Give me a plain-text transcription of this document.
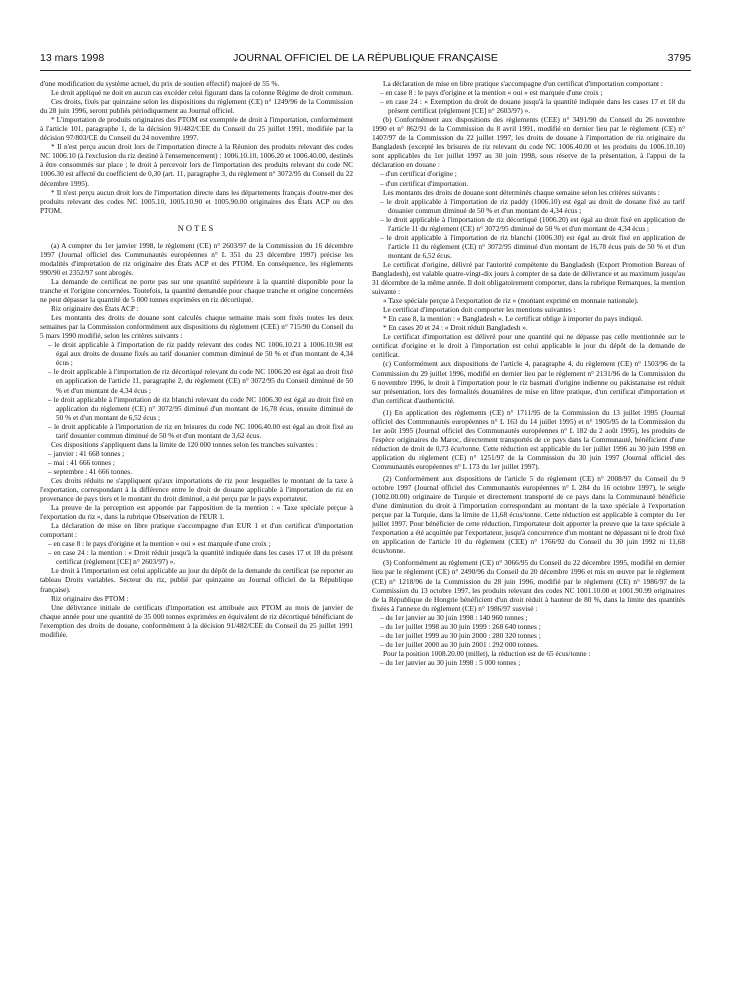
13 mars 1998	JOURNAL OFFICIEL DE LA RÉPUBLIQUE FRANÇAISE	3795

d'une modification du système actuel, du prix de soutien effectif) majoré de 55 %.

Le droit appliqué ne doit en aucun cas excéder celui figurant dans la colonne Régime de droit commun.

Ces droits, fixés par quinzaine selon les dispositions du règlement (CE) n° 1249/96 de la Commission du 28 juin 1996, seront publiés périodiquement au Journal officiel.

* L'importation de produits originaires des PTOM est exemptée de droit à l'importation, conformément à l'article 101, paragraphe 1, de la décision 91/482/CEE du Conseil du 25 juillet 1991, modifiée par la décision 97/803/CE du Conseil du 24 novembre 1997.

* Il n'est perçu aucun droit lors de l'importation directe à la Réunion des produits relevant des codes NC 1006.10 (à l'exclusion du riz destiné à l'ensemencement) : 1006.10.10, 1006.20 et 1006.40.00, destinés à être consommés sur place ; le droit à percevoir lors de l'importation des produits relevant du code NC 1006.30 est affecté du coefficient de 0,30 (art. 11, paragraphe 3, du règlement n° 3072/95 du Conseil du 22 décembre 1995).

* Il n'est perçu aucun droit lors de l'importation directe dans les départements français d'outre-mer des produits relevant des codes NC 1005.10, 1005.10.90 et 1005.90.00 originaires des États ACP ou des PTOM.

NOTES

(a) A compter du 1er janvier 1998, le règlement (CE) n° 2603/97 de la Commission du 16 décembre 1997 (Journal officiel des Communautés européennes n° L 351 du 23 décembre 1997) précise les modalités d'importation de riz originaire des États ACP et des PTOM. En conséquence, les règlements 990/90 et 2352/97 sont abrogés.

La demande de certificat ne porte pas sur une quantité supérieure à la quantité disponible pour la tranche et l'origine concernées. Toutefois, la quantité demandée pour chaque tranche et origine concernées ne peut dépasser la quantité de 5 000 tonnes exprimées en riz décortiqué.

Riz originaire des États ACP :

Les montants des droits de douane sont calculés chaque semaine mais sont fixés toutes les deux semaines par la Commission conformément aux dispositions du règlement (CEE) n° 715/90 du Conseil du 5 mars 1990 modifié, selon les critères suivants :

– le droit applicable à l'importation de riz paddy relevant des codes NC 1006.10.21 à 1006.10.98 est égal aux droits de douane fixés au tarif douanier commun diminué de 50 % et d'un montant de 4,34 écus ;

– le droit applicable à l'importation de riz décortiqué relevant du code NC 1006.20 est égal au droit fixé en application de l'article 11, paragraphe 2, du règlement (CE) n° 3072/95 du Conseil diminué de 50 % et d'un montant de 4,34 écus ;

– le droit applicable à l'importation de riz blanchi relevant du code NC 1006.30 est égal au droit fixé en application du règlement (CE) n° 3072/95 diminué d'un montant de 16,78 écus, ensuite diminué de 50 % et d'un montant de 6,52 écus ;

– le droit applicable à l'importation de riz en brisures du code NC 1006.40.00 est égal au droit fixé au tarif douanier commun diminué de 50 % et d'un montant de 3,62 écus.

Ces dispositions s'appliquent dans la limite de 120 000 tonnes selon les tranches suivantes :

– janvier : 41 668 tonnes ;

– mai : 41 666 tonnes ;

– septembre : 41 666 tonnes.

Ces droits réduits ne s'appliquent qu'aux importations de riz pour lesquelles le montant de la taxe à l'exportation, correspondant à la différence entre le droit de douane applicable à l'importation de riz en provenance de pays tiers et le montant du droit diminué, a été perçu par le pays exportateur.

La preuve de la perception est apportée par l'apposition de la mention : « Taxe spéciale perçue à l'exportation du riz », dans la rubrique Observation de l'EUR 1.

La déclaration de mise en libre pratique s'accompagne d'un EUR 1 et d'un certificat d'importation comportant :

– en case 8 : le pays d'origine et la mention « oui » est marquée d'une croix ;

– en case 24 : la mention : « Droit réduit jusqu'à la quantité indiquée dans les cases 17 et 18 du présent certificat (règlement [CE] n° 2603/97) ».

Le droit à l'importation est celui applicable au jour du dépôt de la demande du certificat (se reporter au tableau Droits variables. Secteur du riz, publié par quinzaine au Journal officiel de la République française).

Riz originaire des PTOM :

Une délivrance initiale de certificats d'importation est attribuée aux PTOM au mois de janvier de chaque année pour une quantité de 35 000 tonnes exprimées en équivalent de riz décortiqué bénéficiant de l'exemption des droits de douane, conformément à la décision 91/482/CEE du Conseil du 25 juillet 1991 modifiée.

La déclaration de mise en libre pratique s'accompagne d'un certificat d'importation comportant :

– en case 8 : le pays d'origine et la mention « oui » est marquée d'une croix ;

– en case 24 : « Exemption du droit de douane jusqu'à la quantité indiquée dans les cases 17 et 18 du présent certificat (règlement [CE] n° 2603/97) ».

(b) Conformément aux dispositions des règlements (CEE) n° 3491/90 du Conseil du 26 novembre 1990 et n° 862/91 de la Commission du 8 avril 1991, modifié en dernier lieu par le règlement (CE) n° 1407/97 de la Commission du 22 juillet 1997, les droits de douane à l'importation de riz originaire du Bangladesh (excepté les brisures de riz relevant du code NC 1006.40.00 et les produits du 1006.10.10) sont applicables du 1er juillet 1997 au 30 juin 1998, sous réserve de la présentation, à l'appui de la déclaration en douane :

– d'un certificat d'origine ;

– d'un certificat d'importation.

Les montants des droits de douane sont déterminés chaque semaine selon les critères suivants :

– le droit applicable à l'importation de riz paddy (1006.10) est égal au droit de douane fixé au tarif douanier commun diminué de 50 % et d'un montant de 4,34 écus ;

– le droit applicable à l'importation de riz décortiqué (1006.20) est égal au droit fixé en application de l'article 11 du règlement (CE) n° 3072/95 diminué de 50 % et d'un montant de 4,34 écus ;

– le droit applicable à l'importation de riz blanchi (1006.30) est égal au droit fixé en application de l'article 11 du règlement (CE) n° 3072/95 diminué d'un montant de 16,78 écus puis de 50 % et d'un montant de 6,52 écus.

Le certificat d'origine, délivré par l'autorité compétente du Bangladesh (Export Promotion Bureau of Bangladesh), est valable quatre-vingt-dix jours à compter de sa date de délivrance et au maximum jusqu'au 31 décembre de la même année. Il doit obligatoirement comporter, dans la rubrique Remarques, la mention suivante :

« Taxe spéciale perçue à l'exportation de riz » (montant exprimé en monnaie nationale).

Le certificat d'importation doit comporter les mentions suivantes :

* En case 8, la mention : « Bangladesh ». Le certificat oblige à importer du pays indiqué.

* En cases 20 et 24 : « Droit réduit Bangladesh ».

Le certificat d'importation est délivré pour une quantité qui ne dépasse pas celle mentionnée sur le certificat d'origine et le droit à l'importation est celui applicable le jour du dépôt de la demande de certificat.

(c) Conformément aux dispositions de l'article 4, paragraphe 4, du règlement (CE) n° 1503/96 de la Commission du 29 juillet 1996, modifié en dernier lieu par le règlement n° 2131/96 de la Commission du 6 novembre 1996, le droit à l'importation pour le riz basmati d'origine indienne ou pakistanaise est réduit sur présentation, lors des formalités douanières de mise en libre pratique, d'un certificat d'importation et d'un certificat d'authenticité.

(1) En application des règlements (CE) n° 1711/95 de la Commission du 13 juillet 1995 (Journal officiel des Communautés européennes n° L 163 du 14 juillet 1995) et n° 1905/95 de la Commission du 1er août 1995 (Journal officiel des Communautés européennes n° L 182 du 2 août 1995), les produits de l'espèce originaires du Maroc, directement transportés de ce pays dans la Communauté, bénéficient d'une réduction de droit de 0,73 écu/tonne. Cette réduction est applicable du 1er juillet 1996 au 30 juin 1998 en application du règlement (CE) n° 1251/97 de la Commission du 30 juin 1997 (Journal officiel des Communautés européennes n° L 173 du 1er juillet 1997).

(2) Conformément aux dispositions de l'article 5 du règlement (CE) n° 2008/97 du Conseil du 9 octobre 1997 (Journal officiel des Communautés européennes n° L 284 du 16 octobre 1997), le seigle (1002.00.00) originaire de Turquie et directement transporté de ce pays dans la Communauté bénéficie d'une diminution du droit à l'importation correspondant au montant de la taxe spéciale à l'exportation perçue par la Turquie, dans la limite de 11,68 écus/tonne. Cette réduction est applicable à compter du 1er juillet 1997. Pour bénéficier de cette réduction, l'importateur doit apporter la preuve que la taxe spéciale à l'exportation a été acquittée par l'exportateur, jusqu'à concurrence d'un montant ne dépassant ni le droit fixé en application de l'article 10 du règlement (CEE) n° 1766/92 du Conseil du 30 juin 1992 ni 11,68 écus/tonne.

(3) Conformément au règlement (CE) n° 3066/95 du Conseil du 22 décembre 1995, modifié en dernier lieu par le règlement (CE) n° 2490/96 du Conseil du 20 décembre 1996 et mis en œuvre par le règlement (CE) n° 1218/96 de la Commission du 28 juin 1996, modifié par le règlement (CE) n° 1986/97 de la Commission du 13 octobre 1997, les produits relevant des codes NC 1001.10.00 et 1001.90.99 originaires de la République de Hongrie bénéficient d'un droit réduit à hauteur de 80 %, dans la limite des quantités fixées à l'annexe du règlement (CE) n° 1986/97 susvisé :

– du 1er janvier au 30 juin 1998 : 140 960 tonnes ;

– du 1er juillet 1998 au 30 juin 1999 : 268 640 tonnes ;

– du 1er juillet 1999 au 30 juin 2000 : 280 320 tonnes ;

– du 1er juillet 2000 au 30 juin 2001 : 292 000 tonnes.

Pour la position 1008.20.00 (millet), la réduction est de 65 écus/tonne :

– du 1er janvier au 30 juin 1998 : 5 000 tonnes ;
